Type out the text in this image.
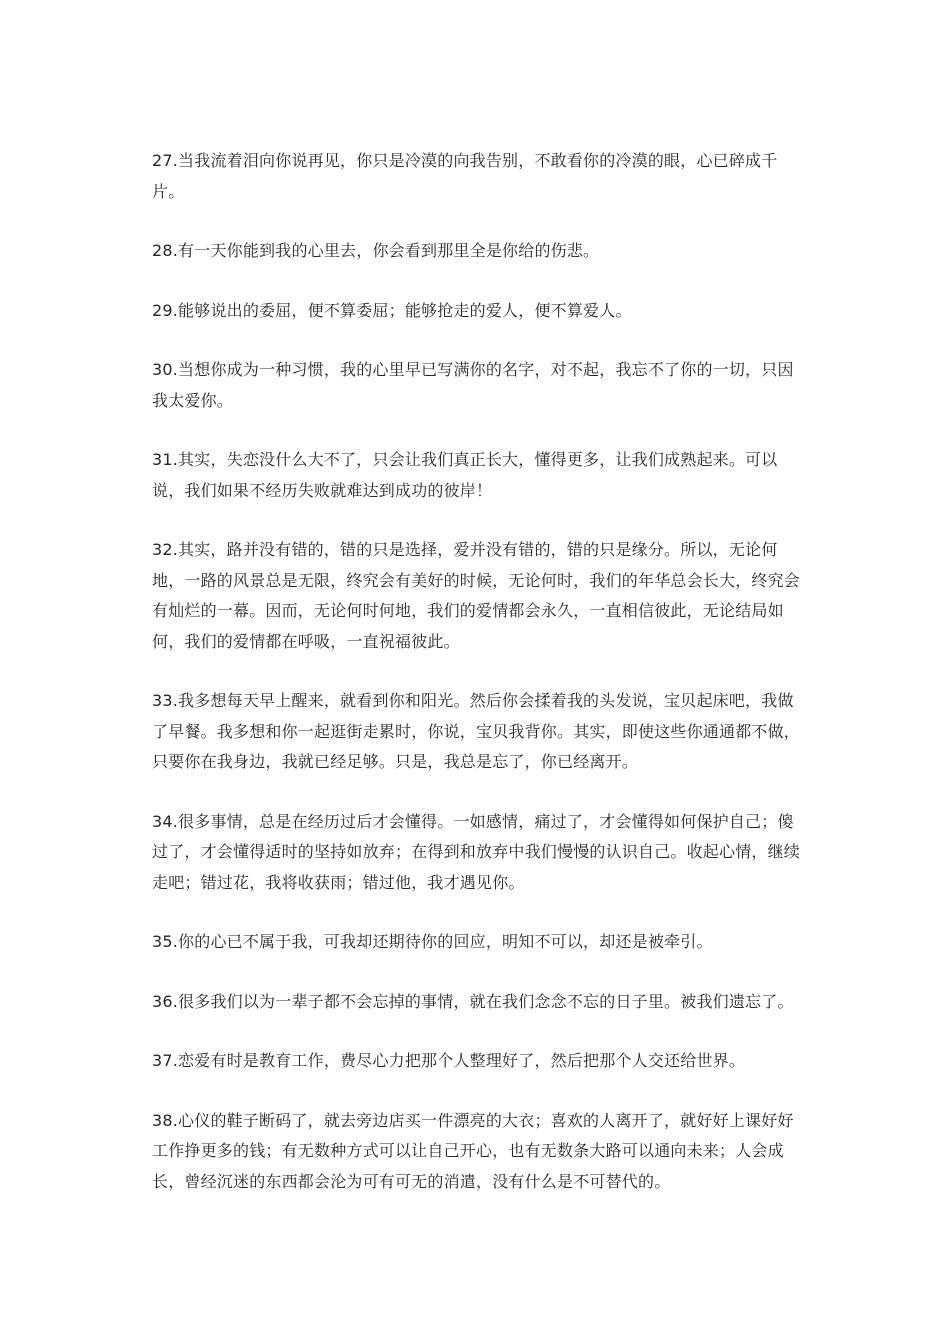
27.当我流着泪向你说再见，你只是冷漠的向我告别，不敢看你的冷漠的眼，心已碎成千片。

28.有一天你能到我的心里去，你会看到那里全是你给的伤悲。

29.能够说出的委屈，便不算委屈；能够抢走的爱人，便不算爱人。

30.当想你成为一种习惯，我的心里早已写满你的名字，对不起，我忘不了你的一切，只因我太爱你。

31.其实，失恋没什么大不了，只会让我们真正长大，懂得更多，让我们成熟起来。可以说，我们如果不经历失败就难达到成功的彼岸！

32.其实，路并没有错的，错的只是选择，爱并没有错的，错的只是缘分。所以，无论何地，一路的风景总是无限，终究会有美好的时候，无论何时，我们的年华总会长大，终究会有灿烂的一幕。因而，无论何时何地，我们的爱情都会永久，一直相信彼此，无论结局如何，我们的爱情都在呼吸，一直祝福彼此。

33.我多想每天早上醒来，就看到你和阳光。然后你会揉着我的头发说，宝贝起床吧，我做了早餐。我多想和你一起逛街走累时，你说，宝贝我背你。其实，即使这些你通通都不做，只要你在我身边，我就已经足够。只是，我总是忘了，你已经离开。

34.很多事情，总是在经历过后才会懂得。一如感情，痛过了，才会懂得如何保护自己；傻过了，才会懂得适时的坚持如放弃；在得到和放弃中我们慢慢的认识自己。收起心情，继续走吧；错过花，我将收获雨；错过他，我才遇见你。

35.你的心已不属于我，可我却还期待你的回应，明知不可以，却还是被牵引。

36.很多我们以为一辈子都不会忘掉的事情，就在我们念念不忘的日子里。被我们遗忘了。

37.恋爱有时是教育工作，费尽心力把那个人整理好了，然后把那个人交还给世界。

38.心仪的鞋子断码了，就去旁边店买一件漂亮的大衣；喜欢的人离开了，就好好上课好好工作挣更多的钱；有无数种方式可以让自己开心，也有无数条大路可以通向未来；人会成长，曾经沉迷的东西都会沦为可有可无的消遣，没有什么是不可替代的。
